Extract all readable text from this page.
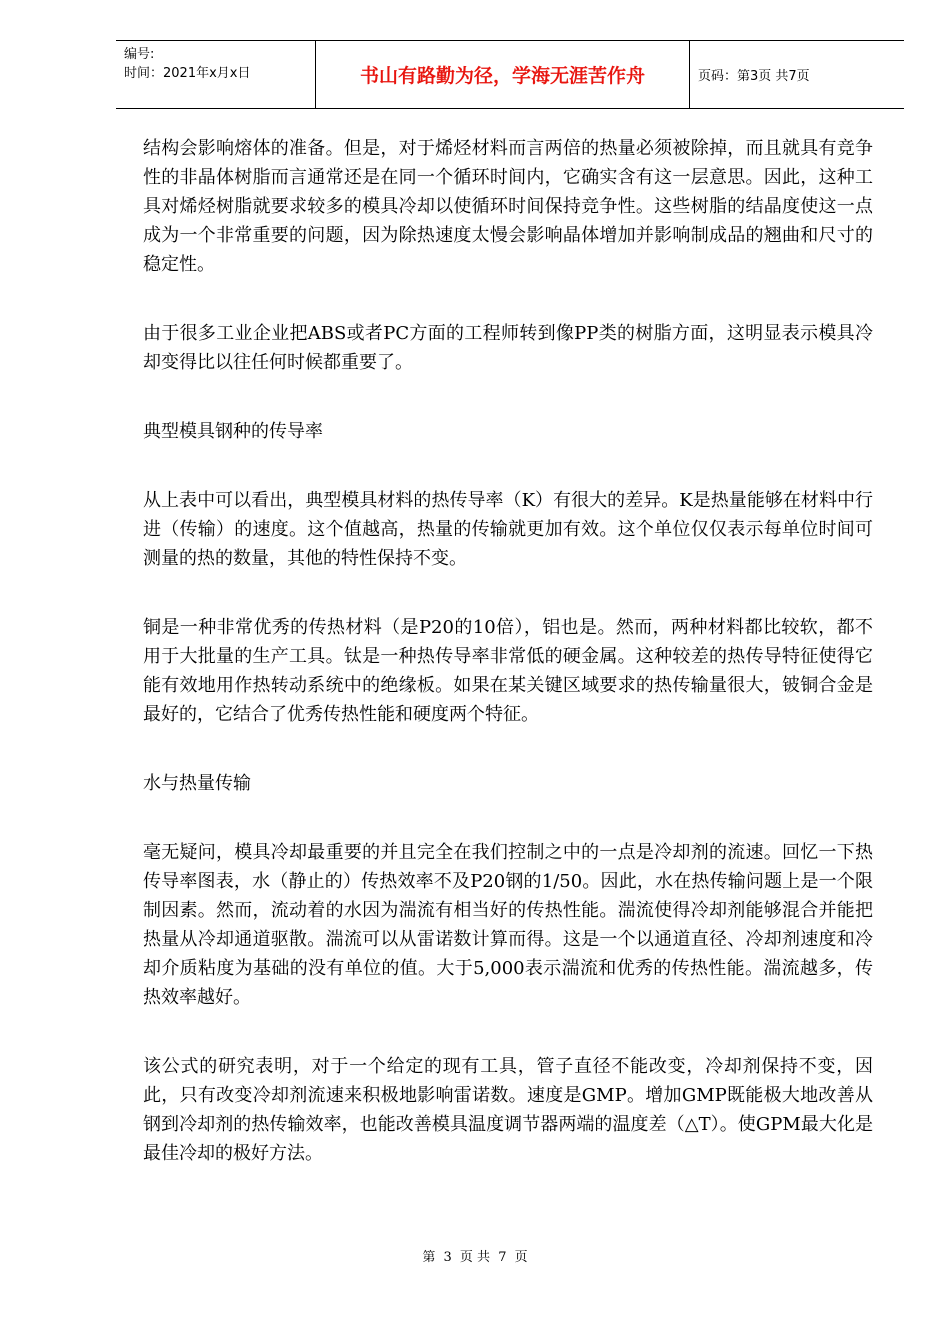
编号:
时间：2021年x月x日	书山有路勤为径，学海无涯苦作舟	页码：第3页 共7页

结构会影响熔体的准备。但是，对于烯烃材料而言两倍的热量必须被除掉，而且就具有竞争性的非晶体树脂而言通常还是在同一个循环时间内，它确实含有这一层意思。因此，这种工具对烯烃树脂就要求较多的模具冷却以使循环时间保持竞争性。这些树脂的结晶度使这一点成为一个非常重要的问题，因为除热速度太慢会影响晶体增加并影响制成品的翘曲和尺寸的稳定性。

由于很多工业企业把ABS或者PC方面的工程师转到像PP类的树脂方面，这明显表示模具冷却变得比以往任何时候都重要了。

典型模具钢种的传导率

从上表中可以看出，典型模具材料的热传导率（K）有很大的差异。K是热量能够在材料中行进（传输）的速度。这个值越高，热量的传输就更加有效。这个单位仅仅表示每单位时间可测量的热的数量，其他的特性保持不变。

铜是一种非常优秀的传热材料（是P20的10倍），铝也是。然而，两种材料都比较软，都不用于大批量的生产工具。钛是一种热传导率非常低的硬金属。这种较差的热传导特征使得它能有效地用作热转动系统中的绝缘板。如果在某关键区域要求的热传输量很大，铍铜合金是最好的，它结合了优秀传热性能和硬度两个特征。

水与热量传输

毫无疑问，模具冷却最重要的并且完全在我们控制之中的一点是冷却剂的流速。回忆一下热传导率图表，水（静止的）传热效率不及P20钢的1/50。因此，水在热传输问题上是一个限制因素。然而，流动着的水因为湍流有相当好的传热性能。湍流使得冷却剂能够混合并能把热量从冷却通道驱散。湍流可以从雷诺数计算而得。这是一个以通道直径、冷却剂速度和冷却介质粘度为基础的没有单位的值。大于5,000表示湍流和优秀的传热性能。湍流越多，传热效率越好。

该公式的研究表明，对于一个给定的现有工具，管子直径不能改变，冷却剂保持不变，因此，只有改变冷却剂流速来积极地影响雷诺数。速度是GMP。增加GMP既能极大地改善从钢到冷却剂的热传输效率，也能改善模具温度调节器两端的温度差（△T）。使GPM最大化是最佳冷却的极好方法。

第 3 页 共 7 页
